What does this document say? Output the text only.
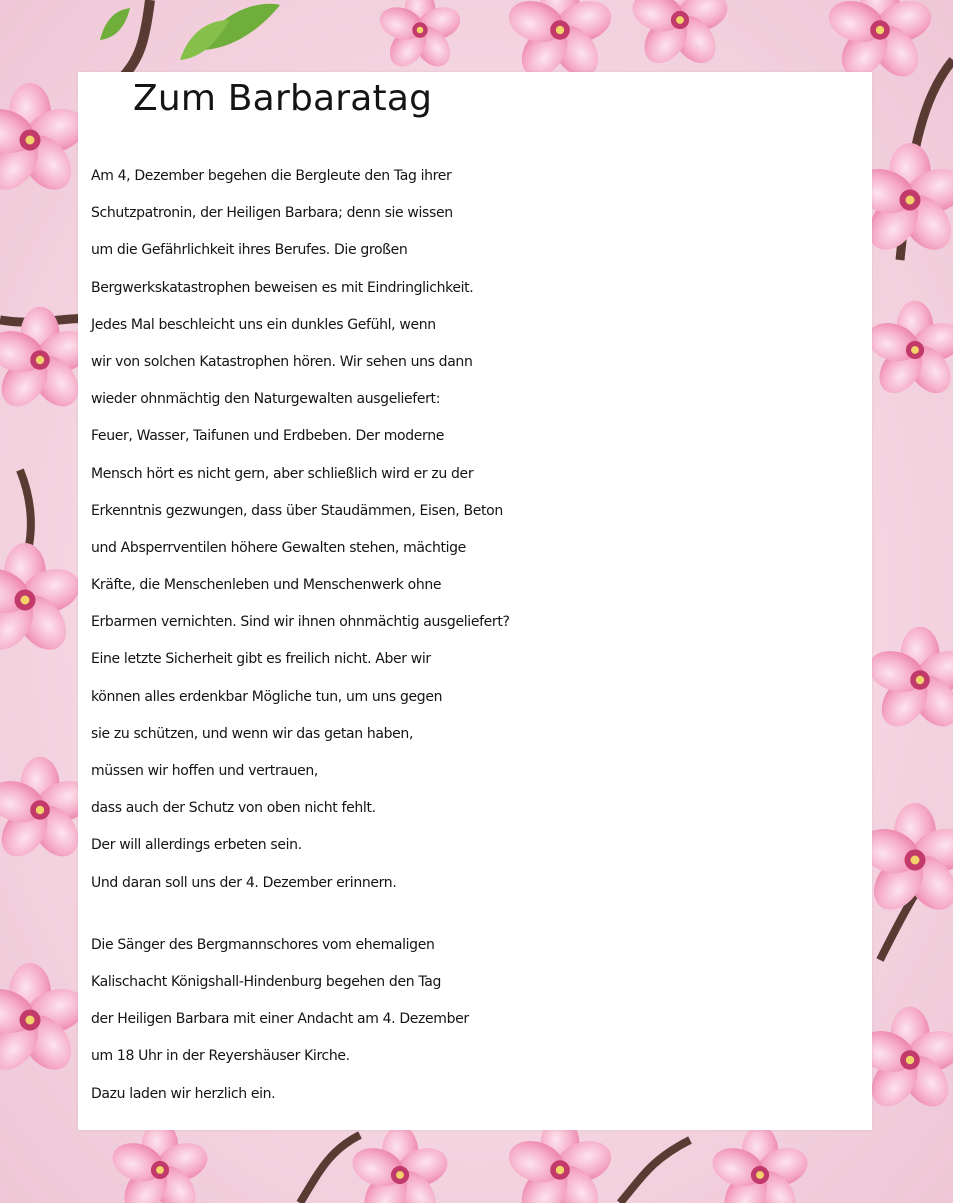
Zum Barbaratag
Am 4, Dezember begehen die Bergleute den Tag ihrer
Schutzpatronin, der Heiligen Barbara; denn sie wissen
um die Gefährlichkeit ihres Berufes. Die großen
Bergwerkskatastrophen beweisen es mit Eindringlichkeit.
Jedes Mal beschleicht uns ein dunkles Gefühl, wenn
wir von solchen Katastrophen hören. Wir sehen uns dann
wieder ohnmächtig den Naturgewalten ausgeliefert:
Feuer, Wasser, Taifunen und Erdbeben. Der moderne
Mensch hört es nicht gern, aber schließlich wird er zu der
Erkenntnis gezwungen, dass über Staudämmen, Eisen, Beton
und Absperrventilen höhere Gewalten stehen, mächtige
Kräfte, die Menschenleben und Menschenwerk ohne
Erbarmen vernichten. Sind wir ihnen ohnmächtig ausgeliefert?
Eine letzte Sicherheit gibt es freilich nicht. Aber wir
können alles erdenkbar Mögliche tun, um uns gegen
sie zu schützen, und wenn wir das getan haben,
müssen wir hoffen und vertrauen,
dass auch der Schutz von oben nicht fehlt.
Der will allerdings erbeten sein.
Und daran soll uns der 4. Dezember erinnern.
Die Sänger des Bergmannschores vom ehemaligen
Kalischacht Königshall-Hindenburg begehen den Tag
der Heiligen Barbara mit einer Andacht am 4. Dezember
um 18 Uhr in der Reyershäuser Kirche.
Dazu laden wir herzlich ein.
